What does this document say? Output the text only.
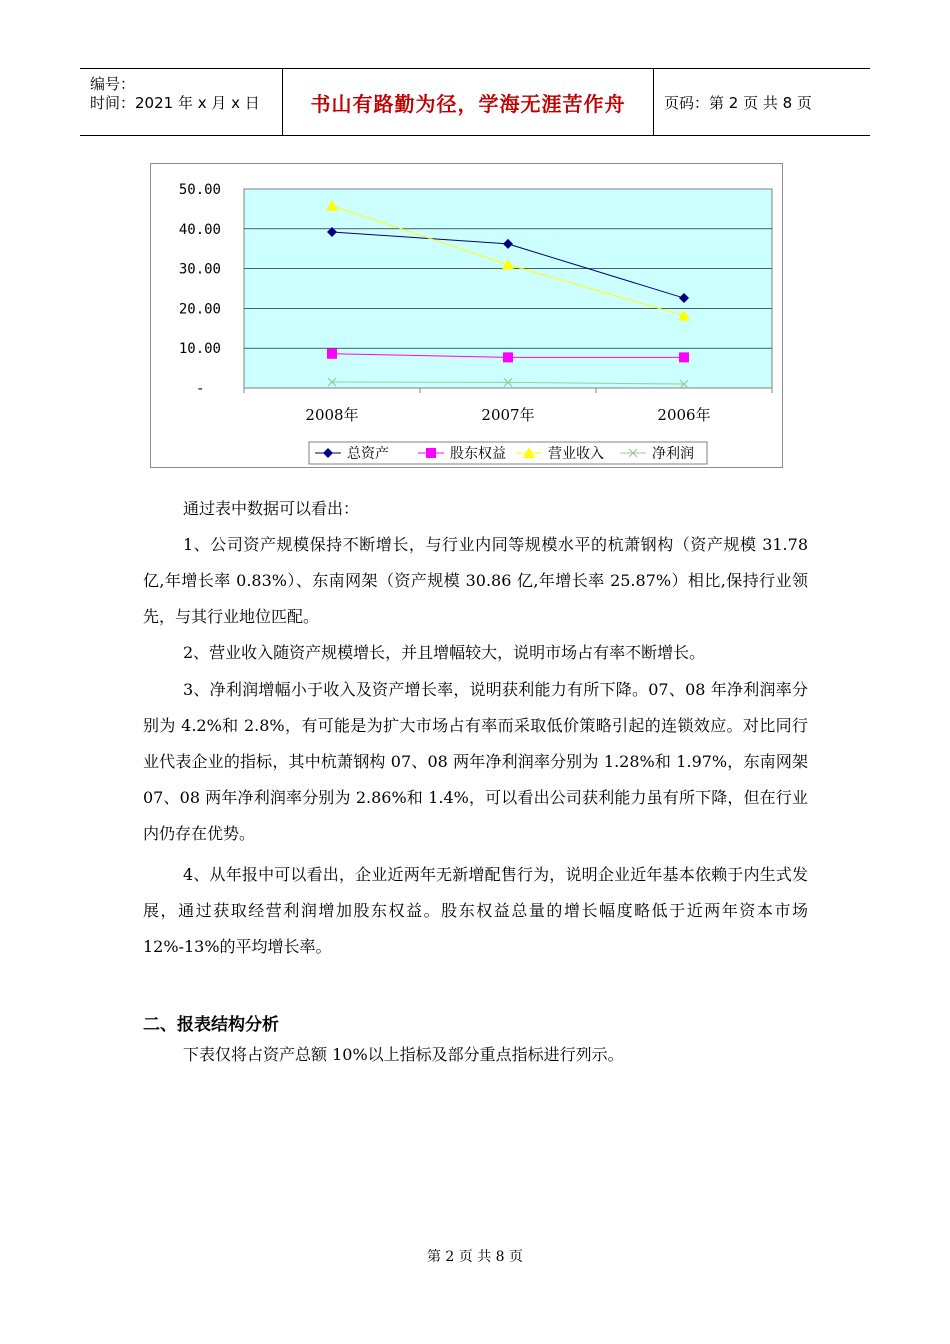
编号：
时间：2021 年 x 月 x 日	书山有路勤为径，学海无涯苦作舟	页码：第 2 页 共 8 页
50.00
40.00
30.00
20.00
10.00
-
2008年	2007年	2006年
总资产	股东权益	营业收入	净利润

通过表中数据可以看出：

1、公司资产规模保持不断增长，与行业内同等规模水平的杭萧钢构（资产规模 31.78 亿,年增长率 0.83%）、东南网架（资产规模 30.86 亿,年增长率 25.87%）相比,保持行业领先，与其行业地位匹配。

2、营业收入随资产规模增长，并且增幅较大，说明市场占有率不断增长。

3、净利润增幅小于收入及资产增长率，说明获利能力有所下降。07、08 年净利润率分别为 4.2%和 2.8%，有可能是为扩大市场占有率而采取低价策略引起的连锁效应。对比同行业代表企业的指标，其中杭萧钢构 07、08 两年净利润率分别为 1.28%和 1.97%，东南网架 07、08 两年净利润率分别为 2.86%和 1.4%，可以看出公司获利能力虽有所下降，但在行业内仍存在优势。

4、从年报中可以看出，企业近两年无新增配售行为，说明企业近年基本依赖于内生式发展，通过获取经营利润增加股东权益。股东权益总量的增长幅度略低于近两年资本市场 12%-13%的平均增长率。

二、报表结构分析

下表仅将占资产总额 10%以上指标及部分重点指标进行列示。

第 2 页 共 8 页
